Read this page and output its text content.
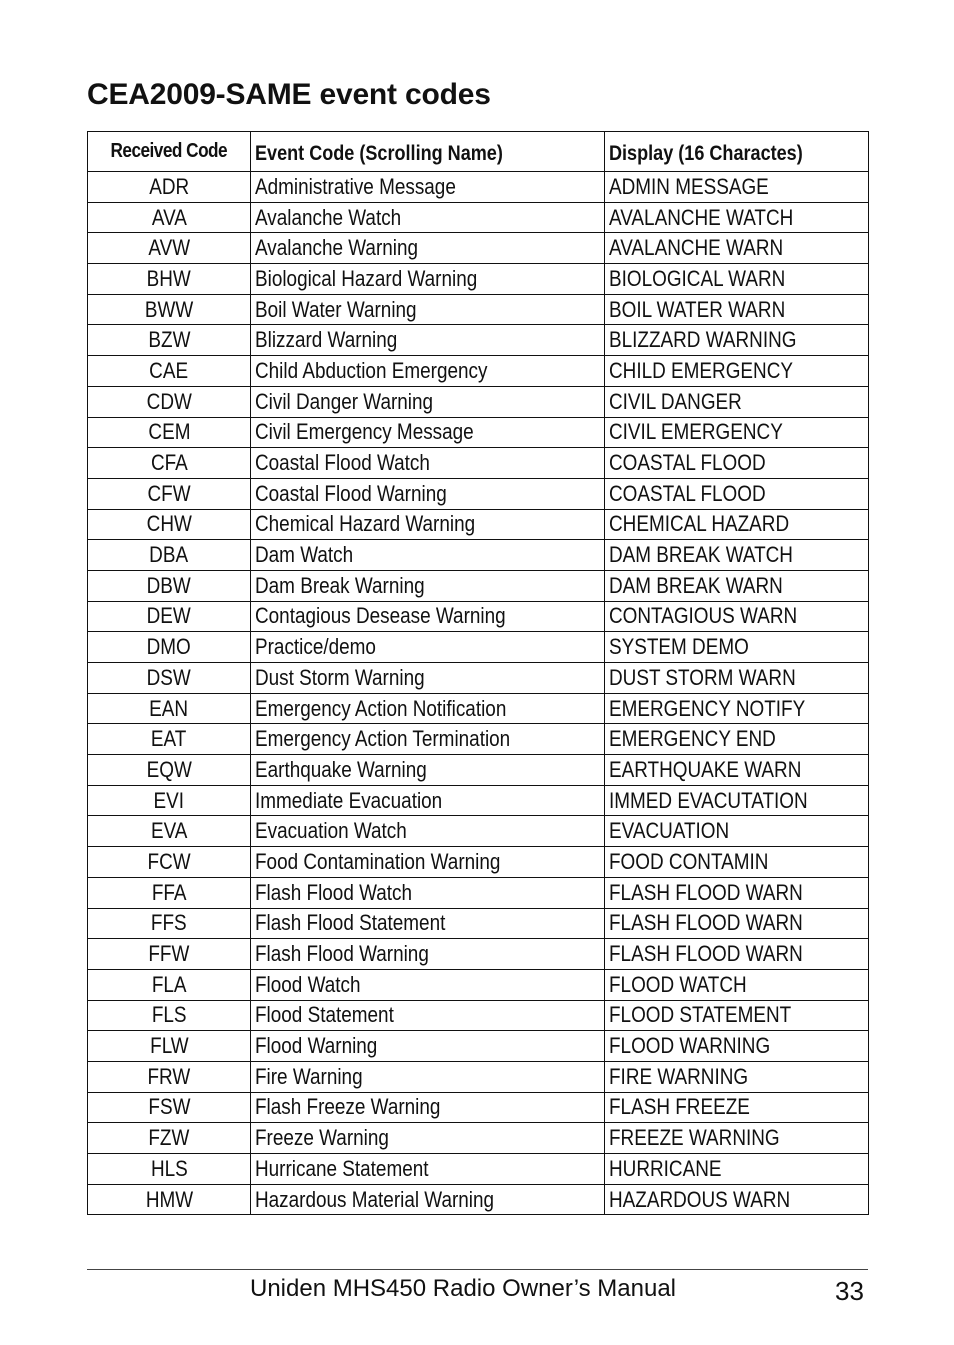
CEA2009-SAME event codes
Received Code	Event Code (Scrolling Name)	Display (16 Charactes)
ADR	Administrative Message	ADMIN MESSAGE
AVA	Avalanche Watch	AVALANCHE WATCH
AVW	Avalanche Warning	AVALANCHE WARN
BHW	Biological Hazard Warning	BIOLOGICAL WARN
BWW	Boil Water Warning	BOIL WATER WARN
BZW	Blizzard Warning	BLIZZARD WARNING
CAE	Child Abduction Emergency	CHILD EMERGENCY
CDW	Civil Danger Warning	CIVIL DANGER
CEM	Civil Emergency Message	CIVIL EMERGENCY
CFA	Coastal Flood Watch	COASTAL FLOOD
CFW	Coastal Flood Warning	COASTAL FLOOD
CHW	Chemical Hazard Warning	CHEMICAL HAZARD
DBA	Dam Watch	DAM BREAK WATCH
DBW	Dam Break Warning	DAM BREAK WARN
DEW	Contagious Desease Warning	CONTAGIOUS WARN
DMO	Practice/demo	SYSTEM DEMO
DSW	Dust Storm Warning	DUST STORM WARN
EAN	Emergency Action Notification	EMERGENCY NOTIFY
EAT	Emergency Action Termination	EMERGENCY END
EQW	Earthquake Warning	EARTHQUAKE WARN
EVI	Immediate Evacuation	IMMED EVACUTATION
EVA	Evacuation Watch	EVACUATION
FCW	Food Contamination Warning	FOOD CONTAMIN
FFA	Flash Flood Watch	FLASH FLOOD WARN
FFS	Flash Flood Statement	FLASH FLOOD WARN
FFW	Flash Flood Warning	FLASH FLOOD WARN
FLA	Flood Watch	FLOOD WATCH
FLS	Flood Statement	FLOOD STATEMENT
FLW	Flood Warning	FLOOD WARNING
FRW	Fire Warning	FIRE WARNING
FSW	Flash Freeze Warning	FLASH FREEZE
FZW	Freeze Warning	FREEZE WARNING
HLS	Hurricane Statement	HURRICANE
HMW	Hazardous Material Warning	HAZARDOUS WARN
Uniden MHS450 Radio Owner’s Manual	33
